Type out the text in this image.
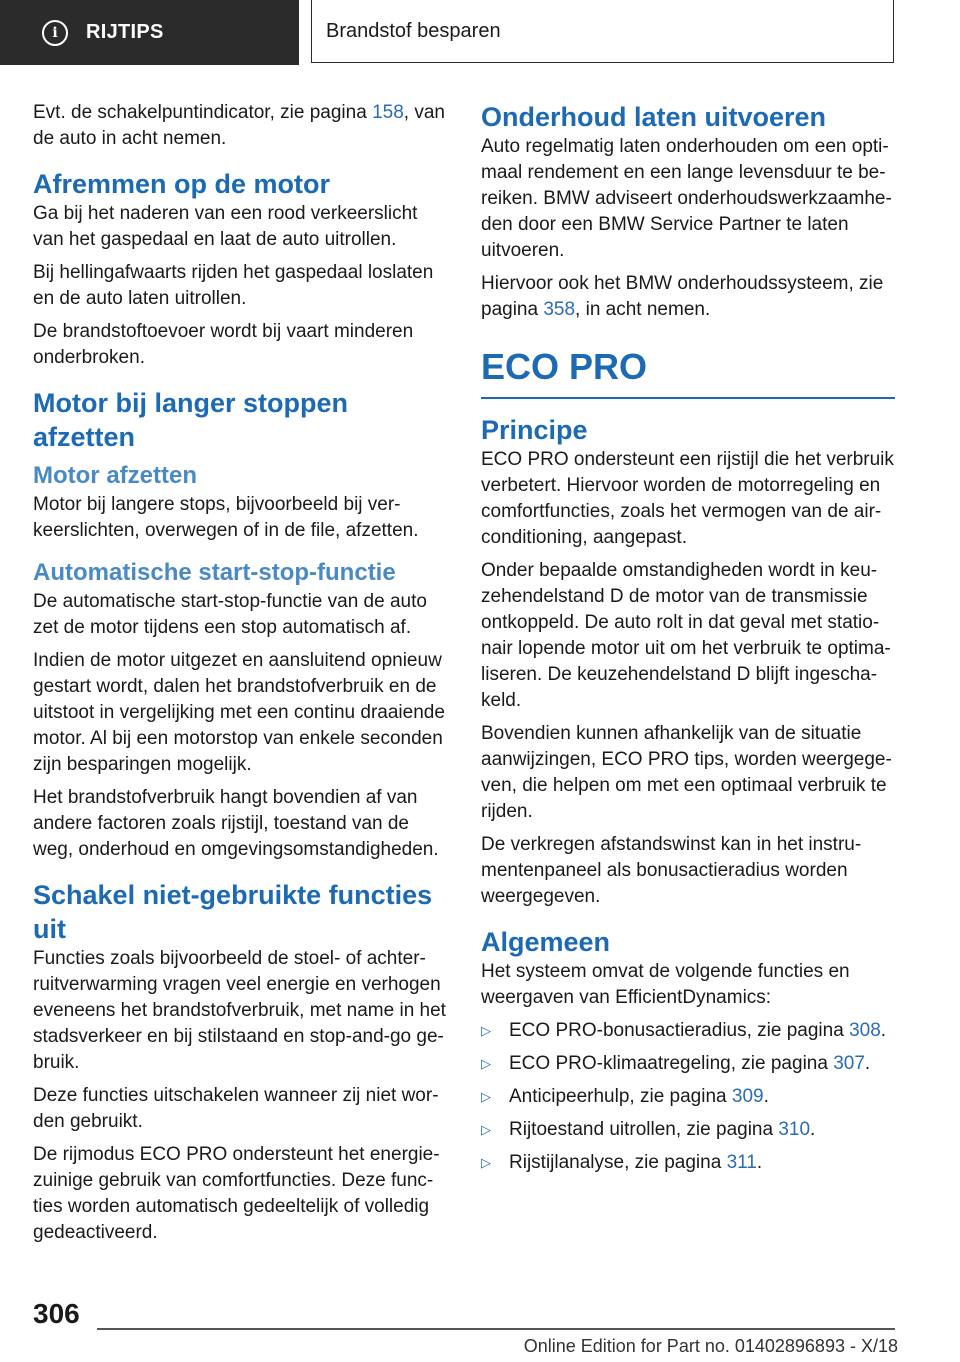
i	RIJTIPS	Brandstof besparen

Evt. de schakelpuntindicator, zie pagina 158, van de auto in acht nemen.

Afremmen op de motor

Ga bij het naderen van een rood verkeerslicht van het gaspedaal en laat de auto uitrollen.

Bij hellingafwaarts rijden het gaspedaal loslaten en de auto laten uitrollen.

De brandstoftoevoer wordt bij vaart minderen onderbroken.

Motor bij langer stoppen afzetten
Motor afzetten

Motor bij langere stops, bijvoorbeeld bij ver-keerslichten, overwegen of in de file, afzetten.

Automatische start-stop-functie

De automatische start-stop-functie van de auto zet de motor tijdens een stop automatisch af.

Indien de motor uitgezet en aansluitend opnieuw gestart wordt, dalen het brandstofverbruik en de uitstoot in vergelijking met een continu draaiende motor. Al bij een motorstop van enkele seconden zijn besparingen mogelijk.

Het brandstofverbruik hangt bovendien af van andere factoren zoals rijstijl, toestand van de weg, onderhoud en omgevingsomstandigheden.

Schakel niet-gebruikte functies uit

Functies zoals bijvoorbeeld de stoel- of achter-ruitverwarming vragen veel energie en verhogen eveneens het brandstofverbruik, met name in het stadsverkeer en bij stilstaand en stop-and-go ge-bruik.

Deze functies uitschakelen wanneer zij niet wor-den gebruikt.

De rijmodus ECO PRO ondersteunt het energie-zuinige gebruik van comfortfuncties. Deze func-ties worden automatisch gedeeltelijk of volledig gedeactiveerd.

Onderhoud laten uitvoeren

Auto regelmatig laten onderhouden om een opti-maal rendement en een lange levensduur te be-reiken. BMW adviseert onderhoudswerkzaamhe-den door een BMW Service Partner te laten uitvoeren.

Hiervoor ook het BMW onderhoudssysteem, zie pagina 358, in acht nemen.

ECO PRO
Principe

ECO PRO ondersteunt een rijstijl die het verbruik verbetert. Hiervoor worden de motorregeling en comfortfuncties, zoals het vermogen van de air-conditioning, aangepast.

Onder bepaalde omstandigheden wordt in keu-zehendelstand D de motor van de transmissie ontkoppeld. De auto rolt in dat geval met statio-nair lopende motor uit om het verbruik te optima-liseren. De keuzehendelstand D blijft ingescha-keld.

Bovendien kunnen afhankelijk van de situatie aanwijzingen, ECO PRO tips, worden weergege-ven, die helpen om met een optimaal verbruik te rijden.

De verkregen afstandswinst kan in het instru-mentenpaneel als bonusactieradius worden weergegeven.

Algemeen

Het systeem omvat de volgende functies en weergaven van EfficientDynamics:

▷ ECO PRO-bonusactieradius, zie pagina 308.
▷ ECO PRO-klimaatregeling, zie pagina 307.
▷ Anticipeerhulp, zie pagina 309.
▷ Rijtoestand uitrollen, zie pagina 310.
▷ Rijstijlanalyse, zie pagina 311.
306
Online Edition for Part no. 01402896893 - X/18
